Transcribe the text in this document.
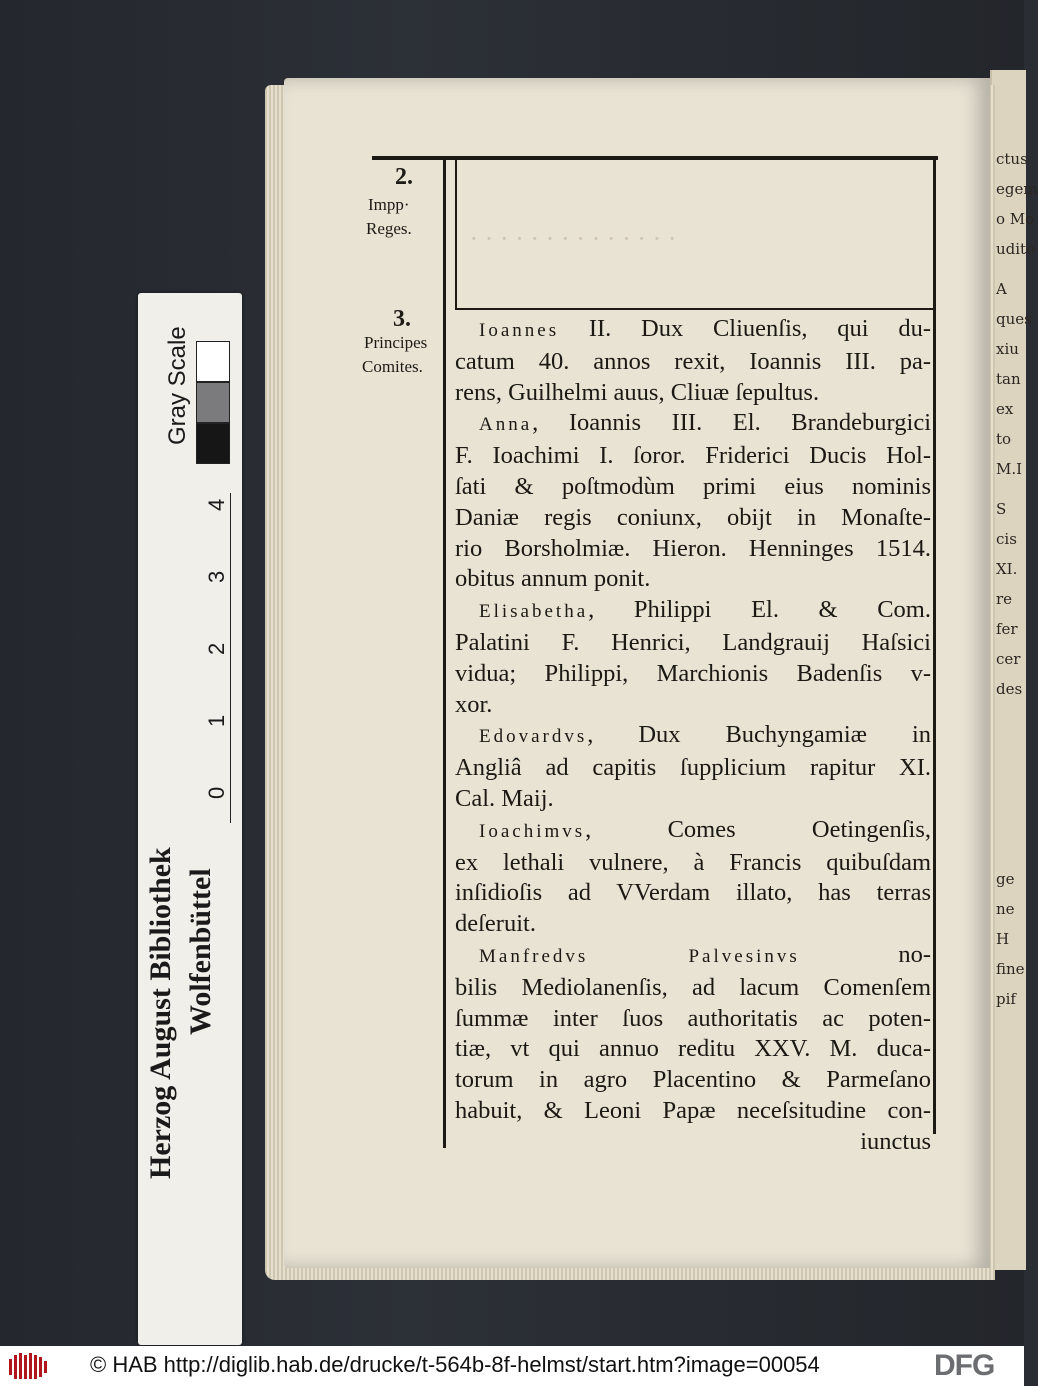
ctus
egem
o Mo
udito
A
ques
xiu
tan
ex
to
M.I
S
cis
XI.
re
fer
cer
des
ge
ne
H
fine
pif
· · · · · · · · · · · · · ·
2.
Impp·
Reges.
3.
Principes
Comites.
Ioannes II. Dux Cliuenſis, qui du-
catum 40. annos rexit, Ioannis III. pa-
rens, Guilhelmi auus, Cliuæ ſepultus.
Anna, Ioannis III. El. Brandeburgici
F. Ioachimi I. ſoror. Friderici Ducis Hol-
ſati & poſtmodùm primi eius nominis
Daniæ regis coniunx, obijt in Monaſte-
rio Borsholmiæ. Hieron. Henninges 1514.
obitus annum ponit.
Elisabetha, Philippi El. & Com.
Palatini F. Henrici, Landgrauij Haſsici
vidua; Philippi, Marchionis Badenſis v-
xor.
Edovardvs, Dux Buchyngamiæ in
Angliâ ad capitis ſupplicium rapitur XI.
Cal. Maij.
Ioachimvs, Comes Oetingenſis,
ex lethali vulnere, à Francis quibuſdam
inſidioſis ad VVerdam illato, has terras
deſeruit.
Manfredvs Palvesinvs no-
bilis Mediolanenſis, ad lacum Comenſem
ſummæ inter ſuos authoritatis ac poten-
tiæ, vt qui annuo reditu XXV. M. duca-
torum in agro Placentino & Parmeſano
habuit, & Leoni Papæ neceſsitudine con-
iunctus
Gray Scale
4
3
2
1
0
Herzog August Bibliothek Wolfenbüttel
© HAB http://diglib.hab.de/drucke/t-564b-8f-helmst/start.htm?image=00054	DFG
